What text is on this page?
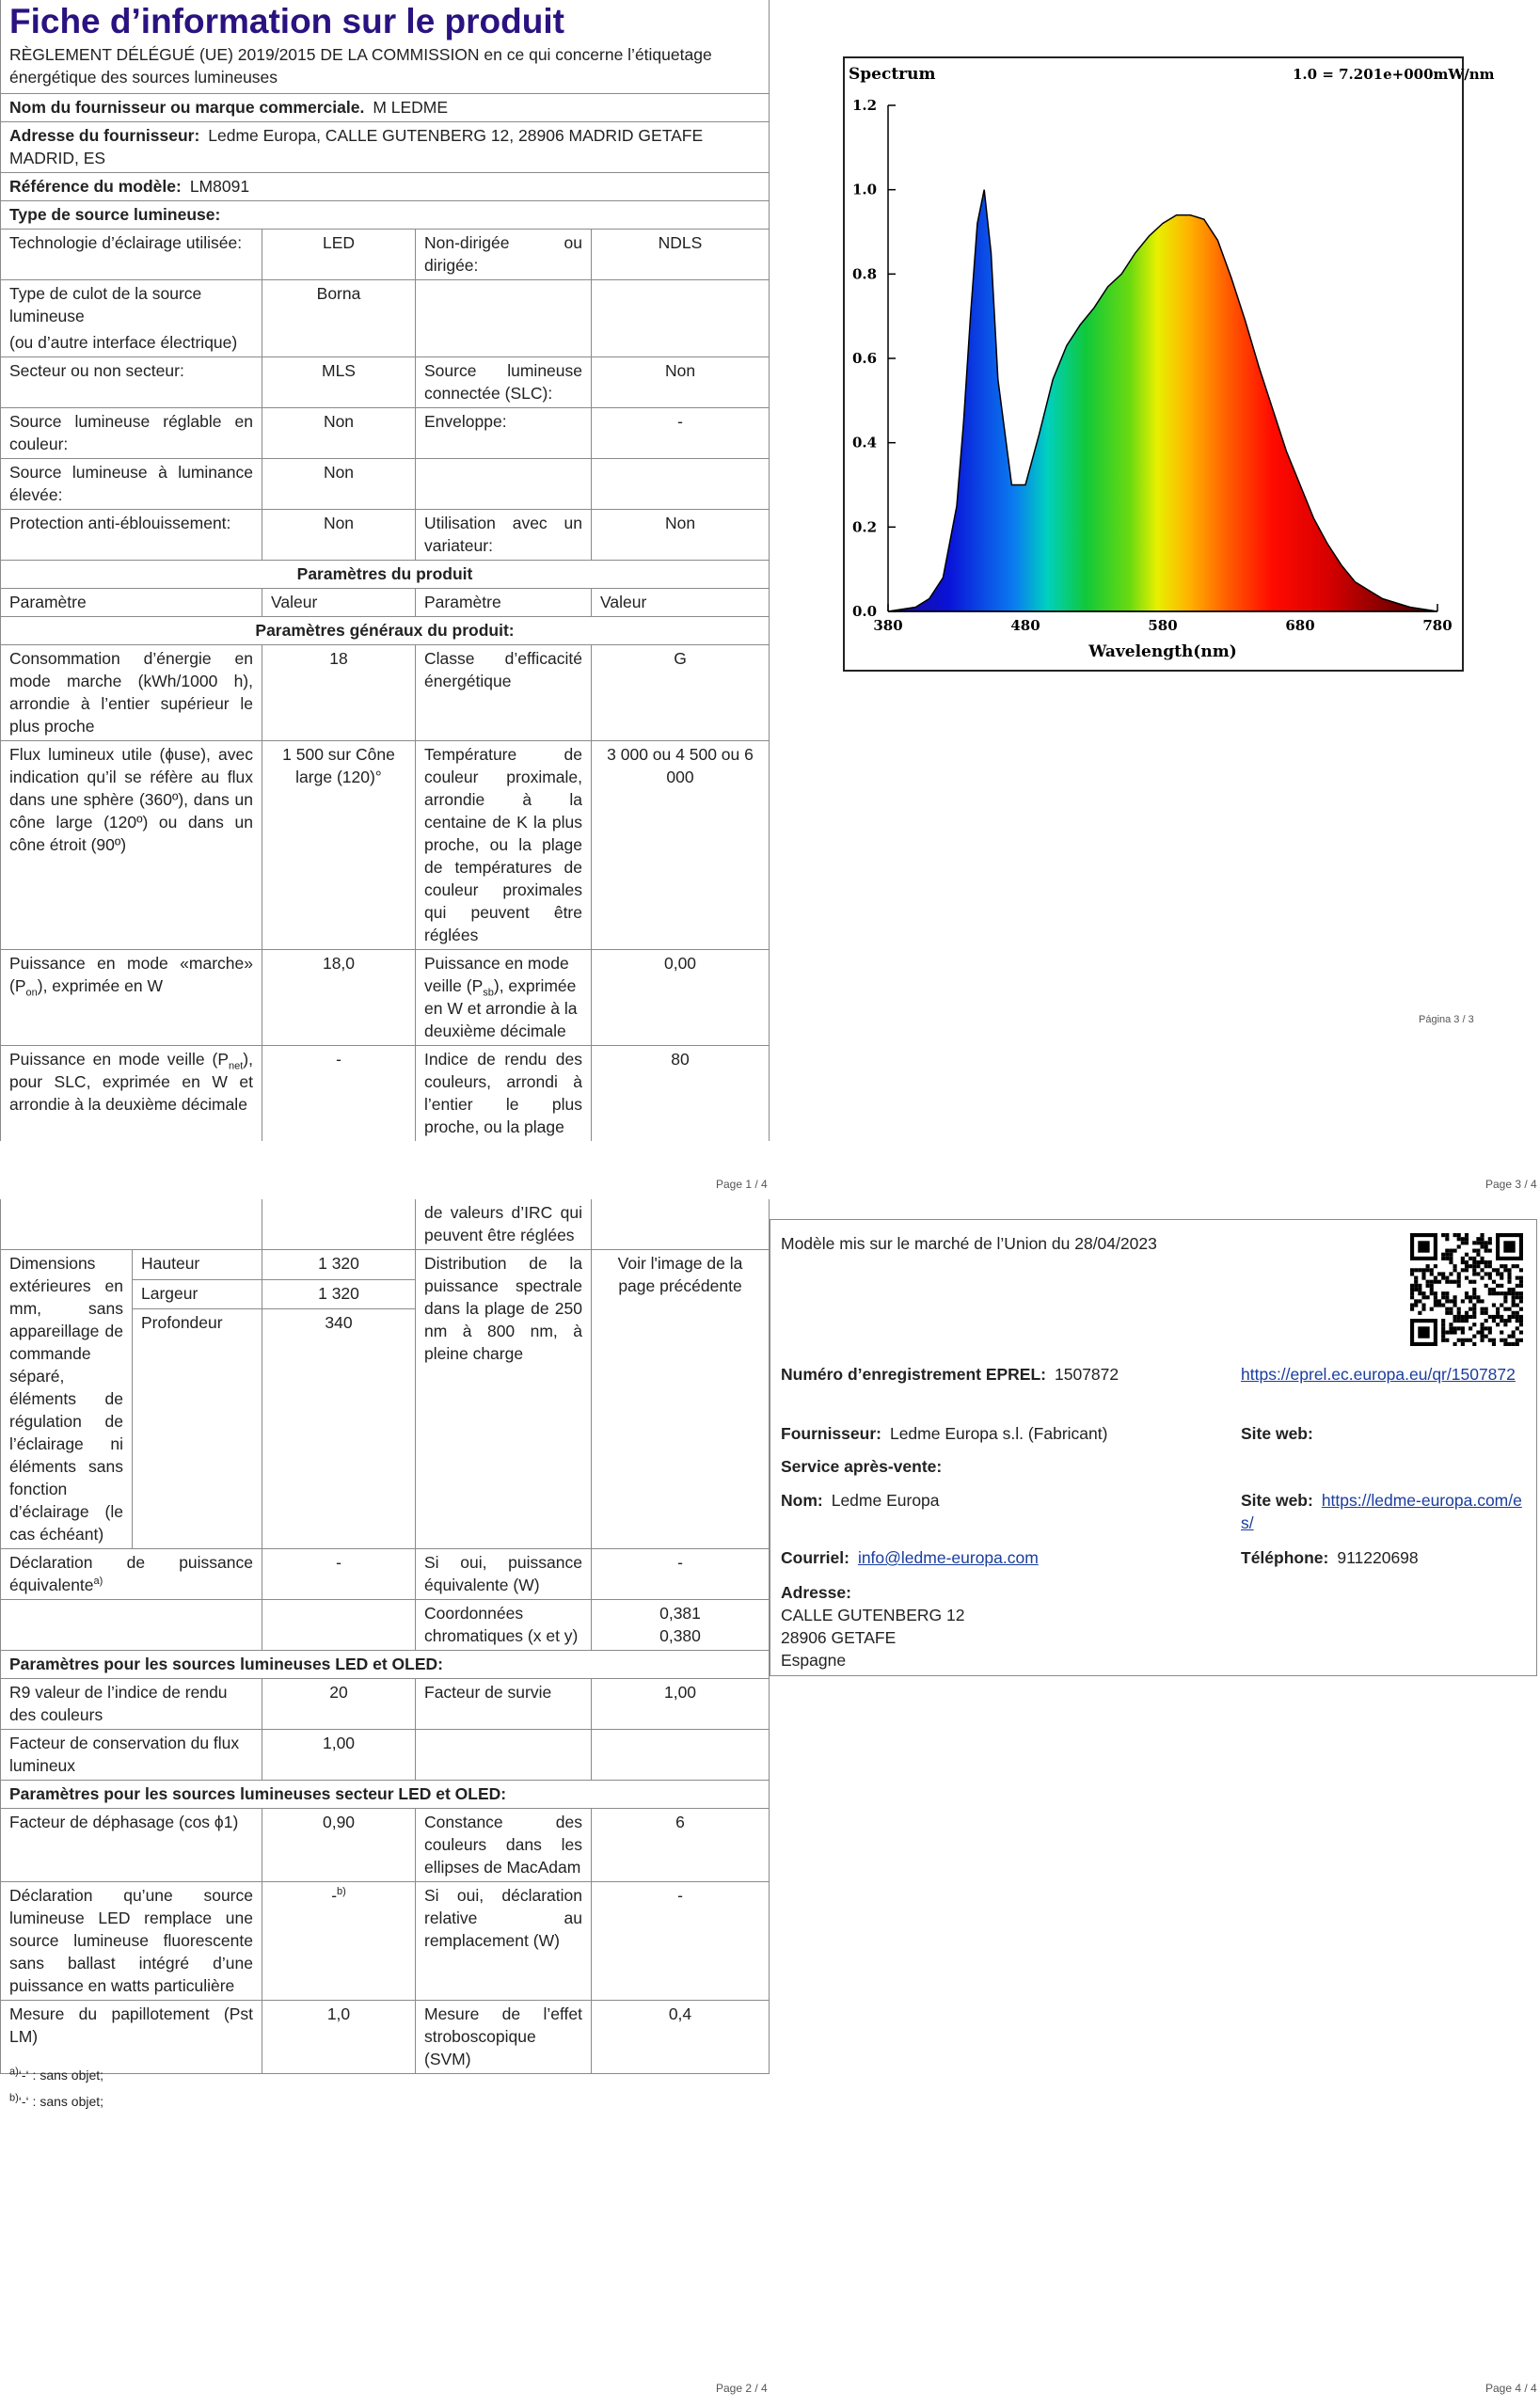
Fiche d’information sur le produit
RÈGLEMENT DÉLÉGUÉ (UE) 2019/2015 DE LA COMMISSION en ce qui concerne l’étiquetage énergétique des sources lumineuses			

Nom du fournisseur ou marque commerciale. M LEDME			
Adresse du fournisseur: Ledme Europa, CALLE GUTENBERG 12, 28906 MADRID GETAFE MADRID, ES			
Référence du modèle: LM8091			
Type de source lumineuse:			
Technologie d’éclairage utilisée:	LED	Non-dirigée ou dirigée:	NDLS

Type de culot de la source lumineuse
(ou d’autre interface électrique)	Borna		
Secteur ou non secteur:	MLS	Source lumineuse connectée (SLC):	Non
Source lumineuse réglable en couleur:	Non	Enveloppe:	-
Source lumineuse à luminance élevée:	Non		
Protection anti-éblouissement:	Non	Utilisation avec un variateur:	Non
Paramètres du produit			
Paramètre	Valeur	Paramètre	Valeur
Paramètres généraux du produit:			
Consommation d’énergie en mode marche (kWh/1000 h), arrondie à l’entier supérieur le plus proche	18	Classe d’efficacité énergétique	G
Flux lumineux utile (ɸuse), avec indication qu’il se réfère au flux dans une sphère (360º), dans un cône large (120º) ou dans un cône étroit (90º)	1 500 sur Cône large (120)°	Température de couleur proximale, arrondie à la centaine de K la plus proche, ou la plage de températures de couleur proximales qui peuvent être réglées	3 000 ou 4 500 ou 6 000
Puissance en mode «marche» $(P_{on})$, exprimée en W	18,0	Puissance en mode veille $(P_{sb})$, exprimée en W et arrondie à la deuxième décimale	0,00
Puissance en mode veille $(P_{net})$, pour SLC, exprimée en W et arrondie à la deuxième décimale	-	Indice de rendu des couleurs, arrondi à l’entier le plus proche, ou la plage	80
Page 1 / 4
Spectrum	1.0 = 7.201e+000mW/nm
0.0
0.2
0.4
0.6
0.8
1.0
1.2
380	480	580	680	780
Wavelength(nm)
Página 3 / 3
Page 3 / 4
			de valeurs d’IRC qui peuvent être réglées	
Dimensions extérieures en mm, sans appareillage de commande séparé, éléments de régulation de l’éclairage ni éléments sans fonction d’éclairage (le cas échéant)	Hauteur	1 320	Distribution de la puissance spectrale dans la plage de 250 nm à 800 nm, à pleine charge	Voir l'image de la page précédente
	Largeur	1 320		
	Profondeur	340		

Déclaration de puissance équivalente$^{a)}$		-	Si oui, puissance équivalente (W)	-
			Coordonnées chromatiques (x et y)	0,381
0,380

Paramètres pour les sources lumineuses LED et OLED:				
R9 valeur de l’indice de rendu des couleurs		20	Facteur de survie	1,00
Facteur de conservation du flux lumineux		1,00		
Paramètres pour les sources lumineuses secteur LED et OLED:				
Facteur de déphasage (cos ϕ1)		0,90	Constance des couleurs dans les ellipses de MacAdam	6
Déclaration qu’une source lumineuse LED remplace une source lumineuse fluorescente sans ballast intégré d’une puissance en watts particulière		-$^{b)}$	Si oui, déclaration relative au remplacement (W)	-
Mesure du papillotement (Pst LM)		1,0	Mesure de l’effet stroboscopique (SVM)	0,4
$^{a)}$‘-‘ : sans objet;
$^{b)}$‘-‘ : sans objet;
Page 2 / 4
Modèle mis sur le marché de l’Union du 28/04/2023
Numéro d’enregistrement EPREL: 1507872	https://eprel.ec.europa.eu/qr/1507872
Fournisseur: Ledme Europa s.l. (Fabricant)	Site web:
Service après-vente:
Nom: Ledme Europa	Site web: https://ledme-europa.com/es/
Courriel: info@ledme-europa.com	Téléphone: 911220698
Adresse:
CALLE GUTENBERG 12
28906 GETAFE
Espagne
Page 4 / 4
